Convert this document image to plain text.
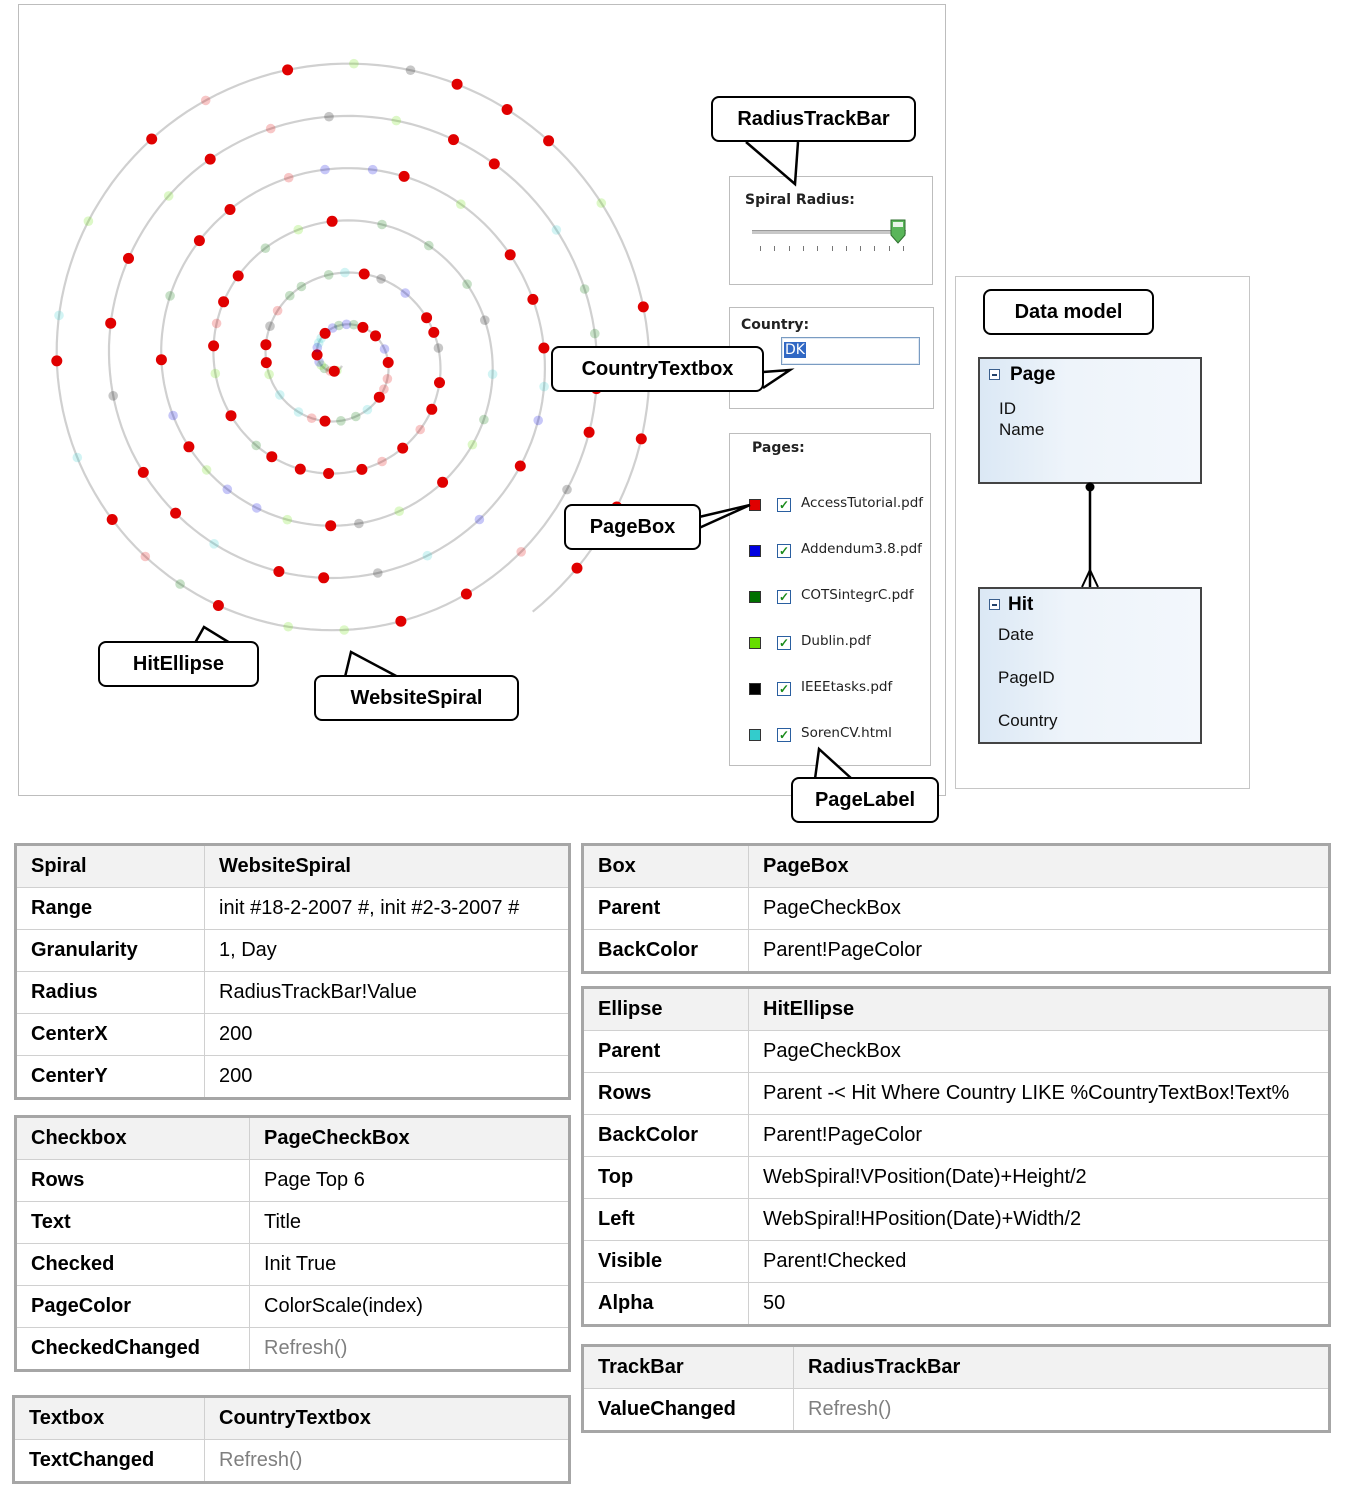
Spiral Radius:
Country:
DK
Pages:
✓ AccessTutorial.pdf
✓ Addendum3.8.pdf
✓ COTSintegrC.pdf
✓ Dublin.pdf
✓ IEEEtasks.pdf
✓ SorenCV.html
RadiusTrackBar
CountryTextbox
PageBox
HitEllipse
WebsiteSpiral
PageLabel
Data model
Page
ID
Name
Hit
Date
PageID
Country
Spiral	WebsiteSpiral
Range	init #18-2-2007 #, init #2-3-2007 #
Granularity	1, Day
Radius	RadiusTrackBar!Value
CenterX	200
CenterY	200
Checkbox	PageCheckBox
Rows	Page Top 6
Text	Title
Checked	Init True
PageColor	ColorScale(index)
CheckedChanged	Refresh()
Textbox	CountryTextbox
TextChanged	Refresh()
Box	PageBox
Parent	PageCheckBox
BackColor	Parent!PageColor
Ellipse	HitEllipse
Parent	PageCheckBox
Rows	Parent -< Hit Where Country LIKE %CountryTextBox!Text%
BackColor	Parent!PageColor
Top	WebSpiral!VPosition(Date)+Height/2
Left	WebSpiral!HPosition(Date)+Width/2
Visible	Parent!Checked
Alpha	50
TrackBar	RadiusTrackBar
ValueChanged	Refresh()
